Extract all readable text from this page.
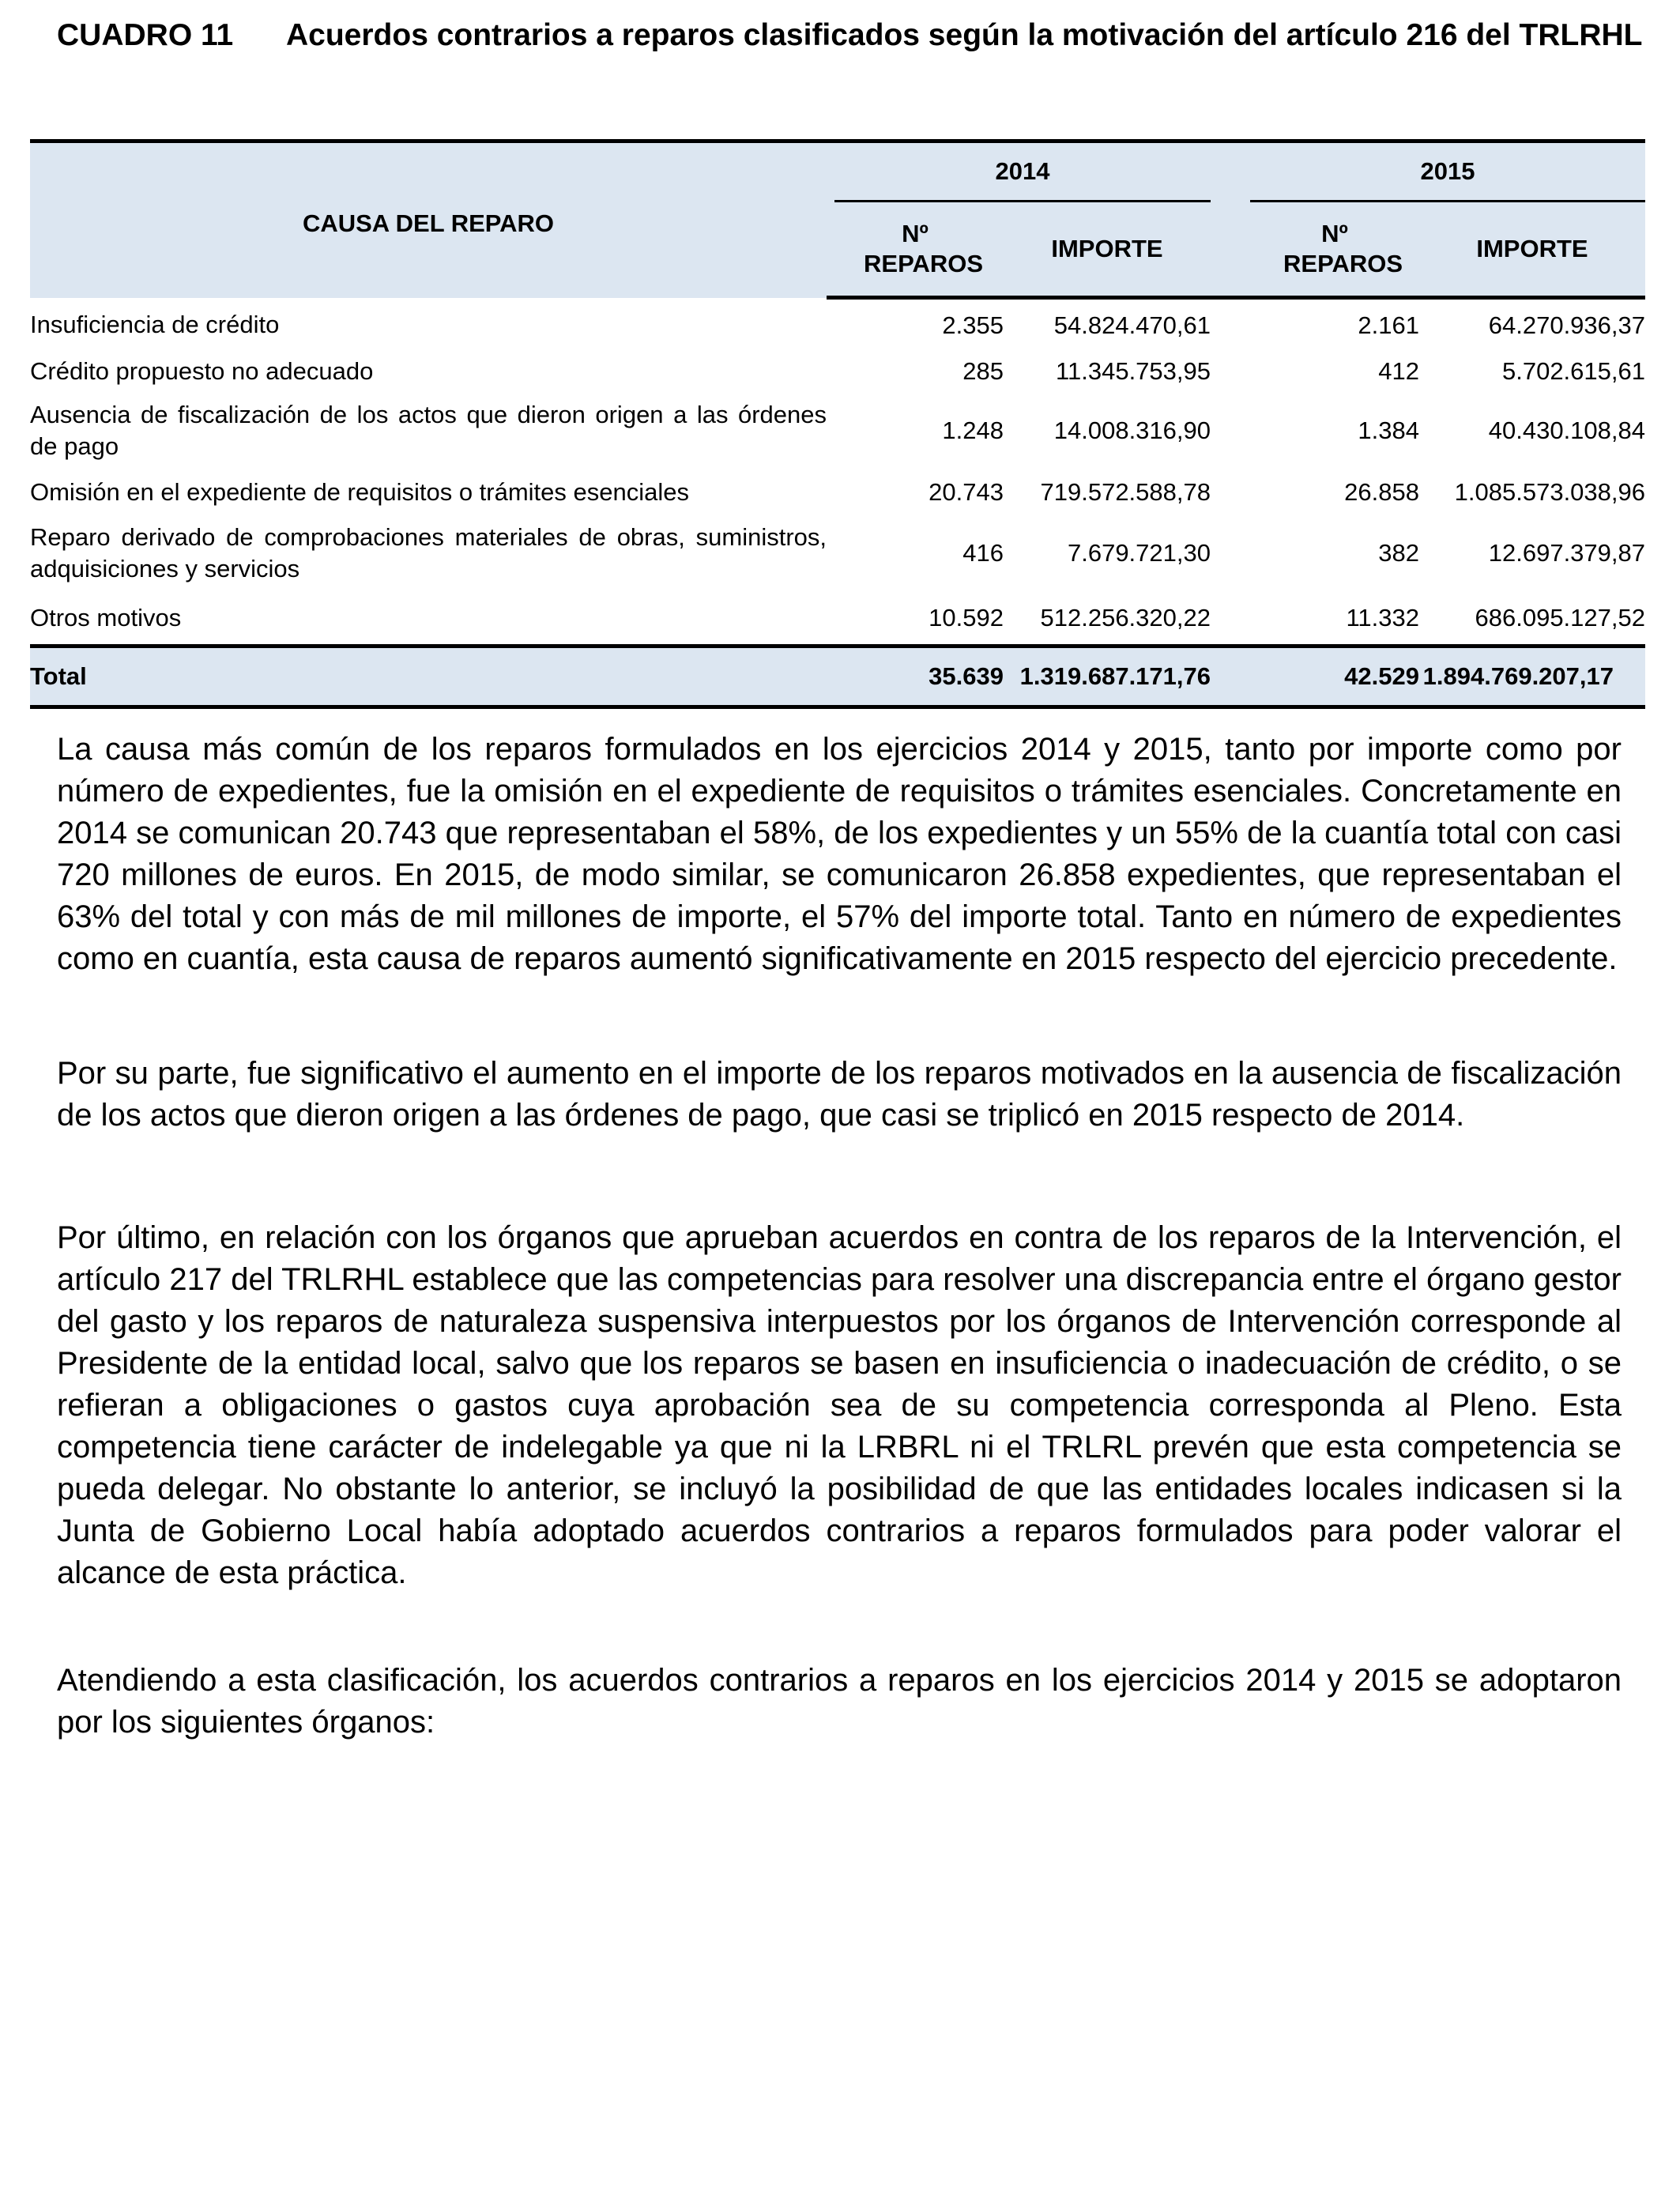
CUADRO 11 Acuerdos contrarios a reparos clasificados según la motivación del artículo 216 del TRLRHL
CAUSA DEL REPARO	2014			2015	

	Nº REPAROS	IMPORTE		Nº REPAROS	IMPORTE
Insuficiencia de crédito	2.355	54.824.470,61		2.161	64.270.936,37
Crédito propuesto no adecuado	285	11.345.753,95		412	5.702.615,61
Ausencia de fiscalización de los actos que dieron origen a las órdenes de pago	1.248	14.008.316,90		1.384	40.430.108,84
Omisión en el expediente de requisitos o trámites esenciales	20.743	719.572.588,78		26.858	1.085.573.038,96
Reparo derivado de comprobaciones materiales de obras, suministros, adquisiciones y servicios	416	7.679.721,30		382	12.697.379,87
Otros motivos	10.592	512.256.320,22		11.332	686.095.127,52
Total	35.639	1.319.687.171,76		42.529	1.894.769.207,17

La causa más común de los reparos formulados en los ejercicios 2014 y 2015, tanto por importe como por número de expedientes, fue la omisión en el expediente de requisitos o trámites esenciales. Concretamente en 2014 se comunican 20.743 que representaban el 58%, de los expedientes y un 55% de la cuantía total con casi 720 millones de euros. En 2015, de modo similar, se comunicaron 26.858 expedientes, que representaban el 63% del total y con más de mil millones de importe, el 57% del importe total. Tanto en número de expedientes como en cuantía, esta causa de reparos aumentó significativamente en 2015 respecto del ejercicio precedente.

Por su parte, fue significativo el aumento en el importe de los reparos motivados en la ausencia de fiscalización de los actos que dieron origen a las órdenes de pago, que casi se triplicó en 2015 respecto de 2014.

Por último, en relación con los órganos que aprueban acuerdos en contra de los reparos de la Intervención, el artículo 217 del TRLRHL establece que las competencias para resolver una discrepancia entre el órgano gestor del gasto y los reparos de naturaleza suspensiva interpuestos por los órganos de Intervención corresponde al Presidente de la entidad local, salvo que los reparos se basen en insuficiencia o inadecuación de crédito, o se refieran a obligaciones o gastos cuya aprobación sea de su competencia corresponda al Pleno. Esta competencia tiene carácter de indelegable ya que ni la LRBRL ni el TRLRL prevén que esta competencia se pueda delegar. No obstante lo anterior, se incluyó la posibilidad de que las entidades locales indicasen si la Junta de Gobierno Local había adoptado acuerdos contrarios a reparos formulados para poder valorar el alcance de esta práctica.

Atendiendo a esta clasificación, los acuerdos contrarios a reparos en los ejercicios 2014 y 2015 se adoptaron por los siguientes órganos:
